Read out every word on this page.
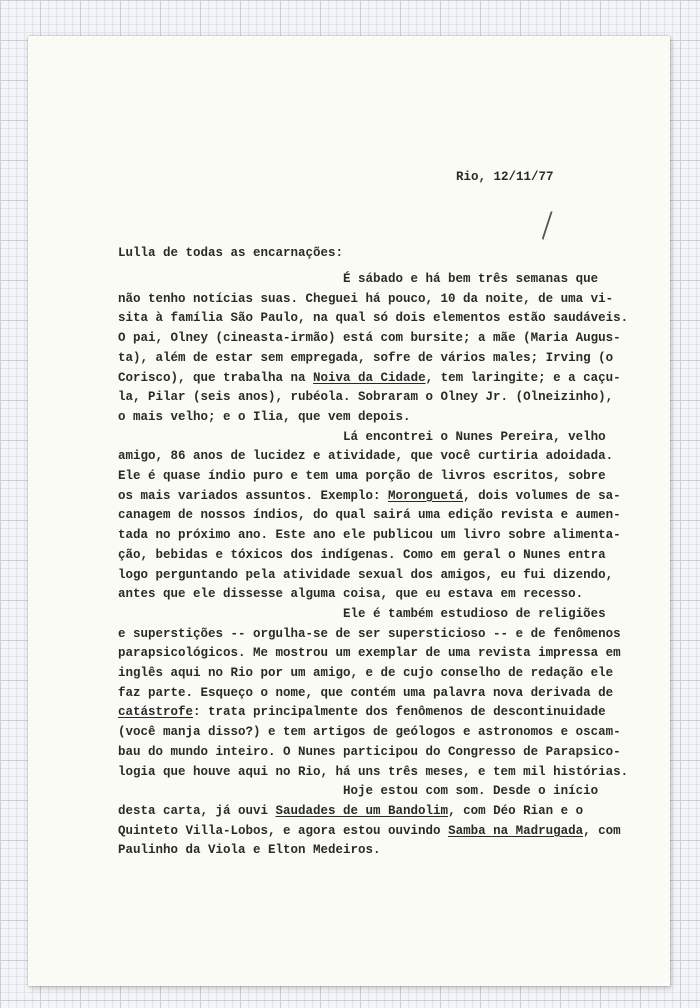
Rio, 12/11/77
Lulla de todas as encarnações:
É sábado e há bem três semanas que
não tenho notícias suas. Cheguei há pouco, 10 da noite, de uma vi-
sita à família São Paulo, na qual só dois elementos estão saudáveis.
O pai, Olney (cineasta-irmão) está com bursite; a mãe (Maria Augus-
ta), além de estar sem empregada, sofre de vários males; Irving (o
Corisco), que trabalha na Noiva da Cidade, tem laringite; e a caçu-
la, Pilar (seis anos), rubéola. Sobraram o Olney Jr. (Olneizinho),
o mais velho; e o Ilia, que vem depois.
Lá encontrei o Nunes Pereira, velho
amigo, 86 anos de lucidez e atividade, que você curtiria adoidada.
Ele é quase índio puro e tem uma porção de livros escritos, sobre
os mais variados assuntos. Exemplo: Moronguetá, dois volumes de sa-
canagem de nossos índios, do qual sairá uma edição revista e aumen-
tada no próximo ano. Este ano ele publicou um livro sobre alimenta-
ção, bebidas e tóxicos dos indígenas. Como em geral o Nunes entra
logo perguntando pela atividade sexual dos amigos, eu fui dizendo,
antes que ele dissesse alguma coisa, que eu estava em recesso.
Ele é também estudioso de religiões
e superstições -- orgulha-se de ser supersticioso -- e de fenômenos
parapsicológicos. Me mostrou um exemplar de uma revista impressa em
inglês aqui no Rio por um amigo, e de cujo conselho de redação ele
faz parte. Esqueço o nome, que contém uma palavra nova derivada de
catástrofe: trata principalmente dos fenômenos de descontinuidade
(você manja disso?) e tem artigos de geólogos e astronomos e oscam-
bau do mundo inteiro. O Nunes participou do Congresso de Parapsico-
logia que houve aqui no Rio, há uns três meses, e tem mil histórias.
Hoje estou com som. Desde o início
desta carta, já ouvi Saudades de um Bandolim, com Déo Rian e o
Quinteto Villa-Lobos, e agora estou ouvindo Samba na Madrugada, com
Paulinho da Viola e Elton Medeiros.
